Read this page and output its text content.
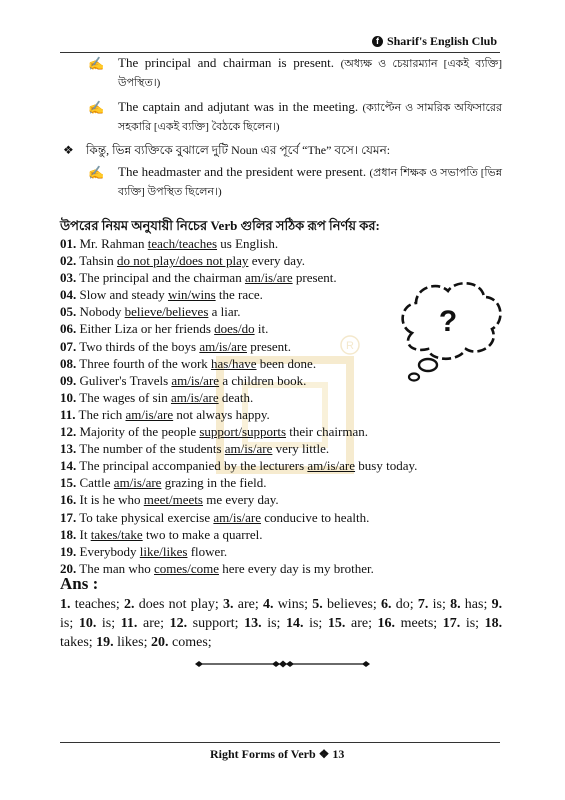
f Sharif's English Club
✍ The principal and chairman is present. (অধ্যক্ষ ও চেয়ারম্যান [একই ব্যক্তি] উপস্থিত।)
✍ The captain and adjutant was in the meeting. (ক্যাপ্টেন ও সামরিক অফিসারের সহকারি [একই ব্যক্তি] বৈঠকে ছিলেন।)
❖ কিন্তু, ভিন্ন ব্যক্তিকে বুঝালে দুটি Noun এর পূর্বে “The” বসে। যেমন:
✍ The headmaster and the president were present. (প্রধান শিক্ষক ও সভাপতি [ভিন্ন ব্যক্তি] উপস্থিত ছিলেন।)
R
উপরের নিয়ম অনুযায়ী নিচের Verb গুলির সঠিক রূপ নির্ণয় কর:
01. Mr. Rahman teach/teaches us English.
02. Tahsin do not play/does not play every day.
03. The principal and the chairman am/is/are present.
04. Slow and steady win/wins the race.
05. Nobody believe/believes a liar.
06. Either Liza or her friends does/do it.
07. Two thirds of the boys am/is/are present.
08. Three fourth of the work has/have been done.
09. Guliver's Travels am/is/are a children book.
10. The wages of sin am/is/are death.
11. The rich am/is/are not always happy.
12. Majority of the people support/supports their chairman.
13. The number of the students am/is/are very little.
14. The principal accompanied by the lecturers am/is/are busy today.
15. Cattle am/is/are grazing in the field.
16. It is he who meet/meets me every day.
17. To take physical exercise am/is/are conducive to health.
18. It takes/take two to make a quarrel.
19. Everybody like/likes flower.
20. The man who comes/come here every day is my brother.
?
Ans :
1. teaches; 2. does not play; 3. are; 4. wins; 5. believes; 6. do; 7. is; 8. has; 9. is; 10. is; 11. are; 12. support; 13. is; 14. is; 15. are; 16. meets; 17. is; 18. takes; 19. likes; 20. comes;
Right Forms of Verb ❖ 13
